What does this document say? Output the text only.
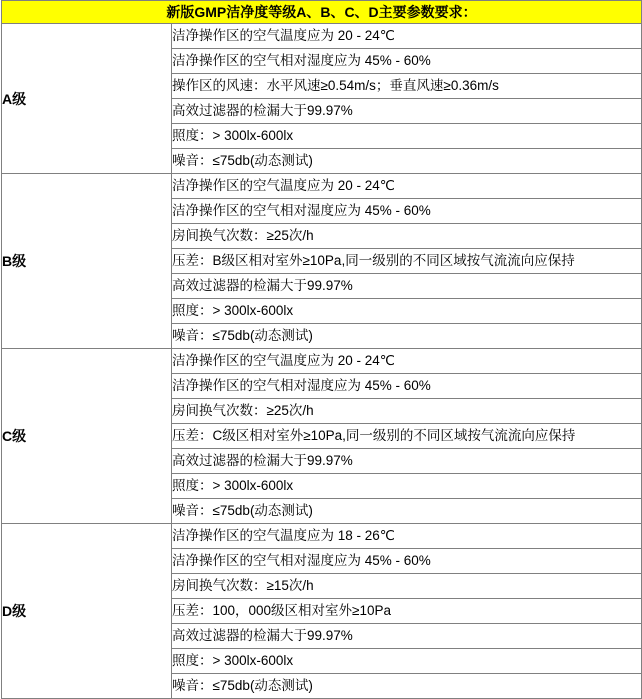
新版GMP洁净度等级A、B、C、D主要参数要求：	
A级	洁净操作区的空气温度应为 20 - 24℃
	洁净操作区的空气相对湿度应为 45% - 60%
	操作区的风速：水平风速≥0.54m/s；垂直风速≥0.36m/s
	高效过滤器的检漏大于99.97%
	照度：> 300lx-600lx
	噪音：≤75db(动态测试)
B级	洁净操作区的空气温度应为 20 - 24℃
	洁净操作区的空气相对湿度应为 45% - 60%
	房间换气次数：≥25次/h
	压差：B级区相对室外≥10Pa,同一级别的不同区域按气流流向应保持
	高效过滤器的检漏大于99.97%
	照度：> 300lx-600lx
	噪音：≤75db(动态测试)
C级	洁净操作区的空气温度应为 20 - 24℃
	洁净操作区的空气相对湿度应为 45% - 60%
	房间换气次数：≥25次/h
	压差：C级区相对室外≥10Pa,同一级别的不同区域按气流流向应保持
	高效过滤器的检漏大于99.97%
	照度：> 300lx-600lx
	噪音：≤75db(动态测试)
D级	洁净操作区的空气温度应为 18 - 26℃
	洁净操作区的空气相对湿度应为 45% - 60%
	房间换气次数：≥15次/h
	压差：100，000级区相对室外≥10Pa
	高效过滤器的检漏大于99.97%
	照度：> 300lx-600lx
	噪音：≤75db(动态测试)
